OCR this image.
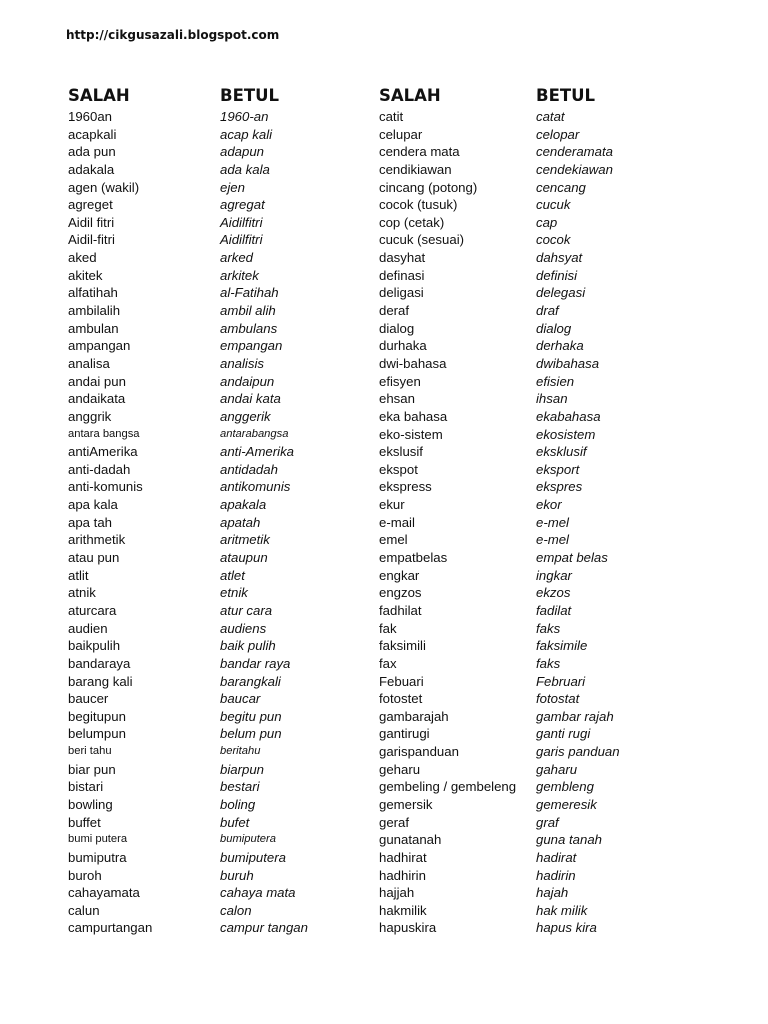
http://cikgusazali.blogspot.com
SALAH
1960an
acapkali
ada pun
adakala
agen (wakil)
agreget
Aidil fitri
Aidil-fitri
aked
akitek
alfatihah
ambilalih
ambulan
ampangan
analisa
andai pun
andaikata
anggrik
antara bangsa
antiAmerika
anti-dadah
anti-komunis
apa kala
apa tah
arithmetik
atau pun
atlit
atnik
aturcara
audien
baikpulih
bandaraya
barang kali
baucer
begitupun
belumpun
beri tahu
biar pun
bistari
bowling
buffet
bumi putera
bumiputra
buroh
cahayamata
calun
campurtangan
BETUL
1960-an
acap kali
adapun
ada kala
ejen
agregat
Aidilfitri
Aidilfitri
arked
arkitek
al-Fatihah
ambil alih
ambulans
empangan
analisis
andaipun
andai kata
anggerik
antarabangsa
anti-Amerika
antidadah
antikomunis
apakala
apatah
aritmetik
ataupun
atlet
etnik
atur cara
audiens
baik pulih
bandar raya
barangkali
baucar
begitu pun
belum pun
beritahu
biarpun
bestari
boling
bufet
bumiputera
bumiputera
buruh
cahaya mata
calon
campur tangan
SALAH
catit
celupar
cendera mata
cendikiawan
cincang (potong)
cocok (tusuk)
cop (cetak)
cucuk (sesuai)
dasyhat
definasi
deligasi
deraf
dialog
durhaka
dwi-bahasa
efisyen
ehsan
eka bahasa
eko-sistem
ekslusif
ekspot
ekspress
ekur
e-mail
emel
empatbelas
engkar
engzos
fadhilat
fak
faksimili
fax
Febuari
fotostet
gambarajah
gantirugi
garispanduan
geharu
gembeling / gembeleng
gemersik
geraf
gunatanah
hadhirat
hadhirin
hajjah
hakmilik
hapuskira
BETUL
catat
celopar
cenderamata
cendekiawan
cencang
cucuk
cap
cocok
dahsyat
definisi
delegasi
draf
dialog
derhaka
dwibahasa
efisien
ihsan
ekabahasa
ekosistem
eksklusif
eksport
ekspres
ekor
e-mel
e-mel
empat belas
ingkar
ekzos
fadilat
faks
faksimile
faks
Februari
fotostat
gambar rajah
ganti rugi
garis panduan
gaharu
gembleng
gemeresik
graf
guna tanah
hadirat
hadirin
hajah
hak milik
hapus kira
